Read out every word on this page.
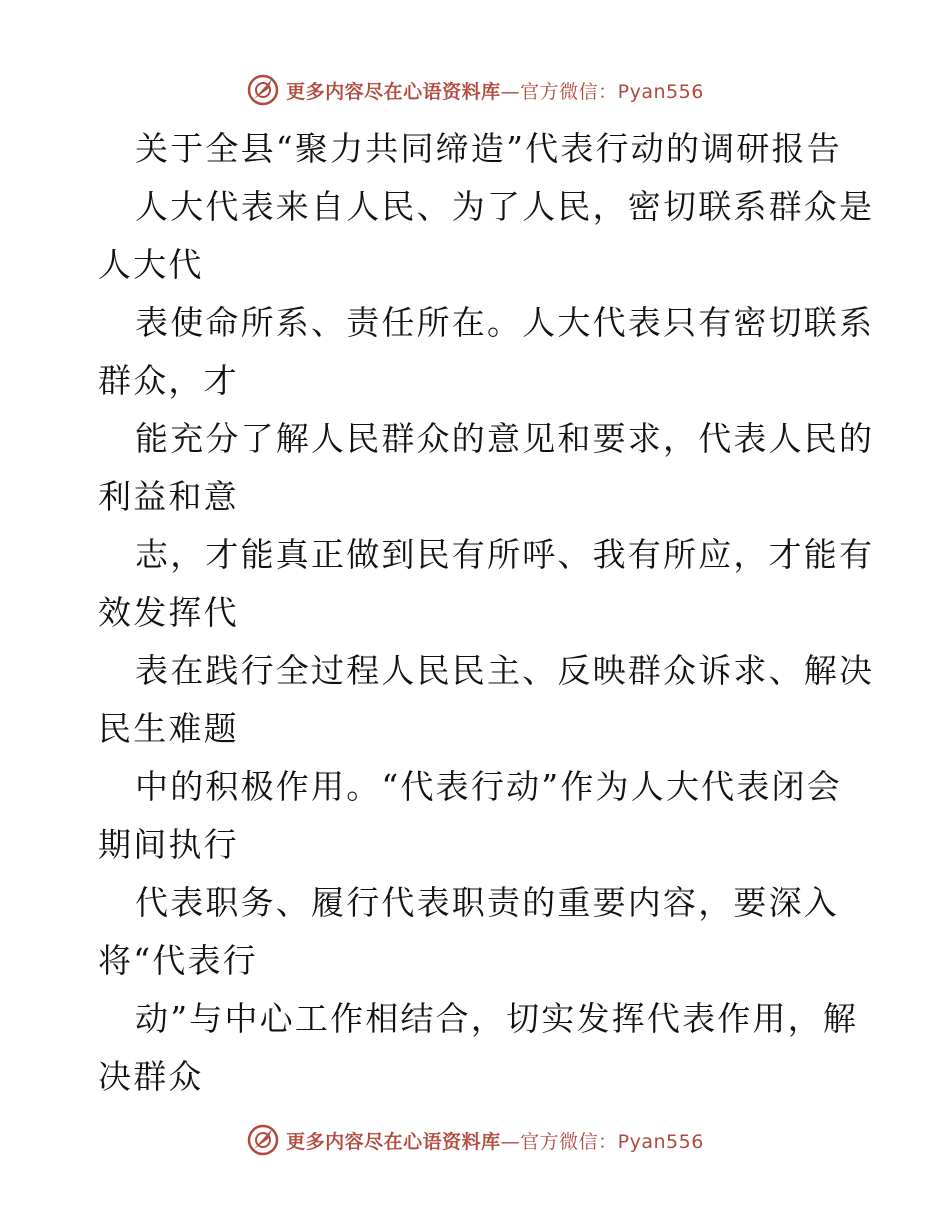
更多内容尽在心语资料库—官方微信：Pyan556
关于全县“聚力共同缔造”代表行动的调研报告
人大代表来自人民、为了人民，密切联系群众是
人大代
表使命所系、责任所在。人大代表只有密切联系
群众，才
能充分了解人民群众的意见和要求，代表人民的
利益和意
志，才能真正做到民有所呼、我有所应，才能有
效发挥代
表在践行全过程人民民主、反映群众诉求、解决
民生难题
中的积极作用。“代表行动”作为人大代表闭会
期间执行
代表职务、履行代表职责的重要内容，要深入
将“代表行
动”与中心工作相结合，切实发挥代表作用，解
决群众
更多内容尽在心语资料库—官方微信：Pyan556
